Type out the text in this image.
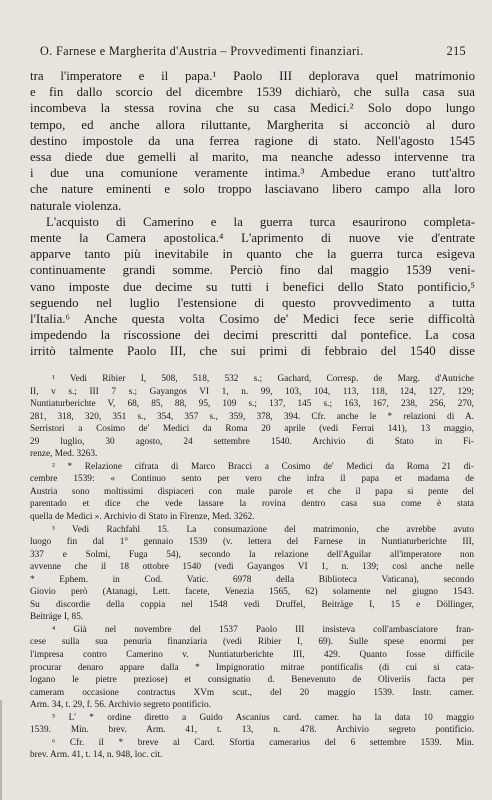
O. Farnese e Margherita d'Austria – Provvedimenti finanziari.	215
tra l'imperatore e il papa.¹ Paolo III deplorava quel matrimonio
e fin dallo scorcio del dicembre 1539 dichiarò, che sulla casa sua
incombeva la stessa rovina che su casa Medici.² Solo dopo lungo
tempo, ed anche allora riluttante, Margherita si acconciò al duro
destino impostole da una ferrea ragione di stato. Nell'agosto 1545
essa diede due gemelli al marito, ma neanche adesso intervenne tra
i due una comunione veramente intima.³ Ambedue erano tutt'altro
che nature eminenti e solo troppo lasciavano libero campo alla loro
naturale violenza.
L'acquisto di Camerino e la guerra turca esaurirono completa-
mente la Camera apostolica.⁴ L'aprimento di nuove vie d'entrate
apparve tanto più inevitabile in quanto che la guerra turca esigeva
continuamente grandi somme. Perciò fino dal maggio 1539 veni-
vano imposte due decime su tutti i benefici dello Stato pontificio,⁵
seguendo nel luglio l'estensione di questo provvedimento a tutta
l'Italia.⁶ Anche questa volta Cosimo de' Medici fece serie difficoltà
impedendo la riscossione dei decimi prescritti dal pontefice. La cosa
irritò talmente Paolo III, che sui primi di febbraio del 1540 disse
¹ Vedi Ribier I, 508, 518, 532 s.; Gachard, Corresp. de Marg. d'Autriche
II, v s.; III 7 s.; Gayangos VI 1, n. 99, 103, 104, 113, 118, 124, 127, 129;
Nuntiaturberichte V, 68, 85, 88, 95, 109 s.; 137, 145 s.; 163, 167, 238, 256, 270,
281, 318, 320, 351 s., 354, 357 s., 359, 378, 394. Cfr. anche le * relazioni di A.
Serristori a Cosimo de' Medici da Roma 20 aprile (vedi Ferrai 141), 13 maggio,
29 luglio, 30 agosto, 24 settembre 1540. Archivio di Stato in Fi-
renze, Med. 3263.
² * Relazione cifrata di Marco Bracci a Cosimo de' Medici da Roma 21 di-
cembre 1539: « Continuo sento per vero che infra il papa et madama de
Austria sono moltissimi dispiaceri con male parole et che il papa si pente del
parentado et dice che vede lassare la rovina dentro casa sua come è stata
quella de Medici ». Archivio di Stato in Firenze, Med. 3262.
³ Vedi Rachfahl 15. La consumazione del matrimonio, che avrebbe avuto
luogo fin dal 1° gennaio 1539 (v. lettera del Farnese in Nuntiaturberichte III,
337 e Solmi, Fuga 54), secondo la relazione dell'Aguilar all'imperatore non
avvenne che il 18 ottobre 1540 (vedi Gayangos VI 1, n. 139; così anche nelle
* Ephem. in Cod. Vatic. 6978 della Biblioteca Vaticana), secondo
Giovio però (Atanagi, Lett. facete, Venezia 1565, 62) solamente nel giugno 1543.
Su discordie della coppia nel 1548 vedi Druffel, Beiträge I, 15 e Döllinger,
Beiträge I, 85.
⁴ Già nel novembre del 1537 Paolo III insisteva coll'ambasciatore fran-
cese sulla sua penuria finanziaria (vedi Ribier I, 69). Sulle spese enormi per
l'impresa contro Camerino v. Nuntiaturberichte III, 429. Quanto fosse difficile
procurar denaro appare dalla * Impignoratio mitrae pontificalis (di cui si cata-
logano le pietre preziose) et consignatio d. Benevenuto de Oliveriis facta per
cameram occasione contractus XVm scut., del 20 maggio 1539. Instr. camer.
Arm. 34, t. 29, f. 56. Archivio segreto pontificio.
⁵ L' * ordine diretto a Guido Ascanius card. camer. ha la data 10 maggio
1539. Min. brev. Arm. 41, t. 13, n. 478. Archivio segreto pontificio.
⁶ Cfr. il * breve al Card. Sfortia camerarius del 6 settembre 1539. Min.
brev. Arm. 41, t. 14, n. 948, loc. cit.
